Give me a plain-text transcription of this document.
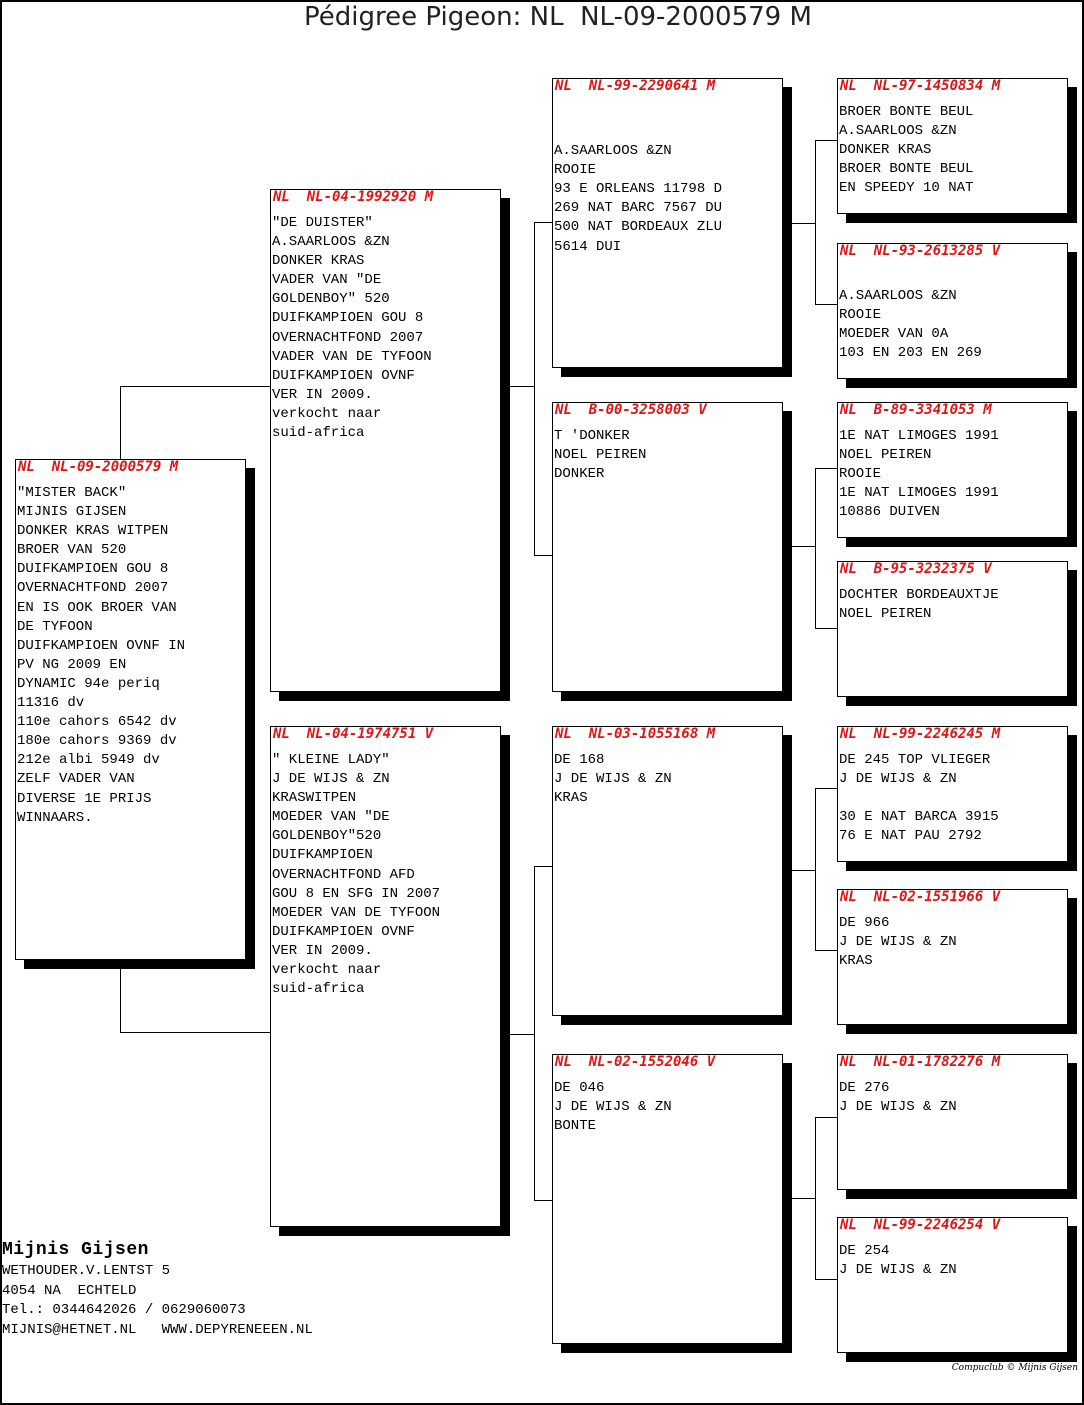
Pédigree Pigeon: NL  NL-09-2000579 M
NL  NL-09-2000579 M
"MISTER BACK"
MIJNIS GIJSEN
DONKER KRAS WITPEN
BROER VAN 520
DUIFKAMPIOEN GOU 8
OVERNACHTFOND 2007
EN IS OOK BROER VAN
DE TYFOON
DUIFKAMPIOEN OVNF IN
PV NG 2009 EN
DYNAMIC 94e periq
11316 dv
110e cahors 6542 dv
180e cahors 9369 dv
212e albi 5949 dv
ZELF VADER VAN
DIVERSE 1E PRIJS
WINNAARS.
NL  NL-04-1992920 M
"DE DUISTER"
A.SAARLOOS &ZN
DONKER KRAS
VADER VAN "DE
GOLDENBOY" 520
DUIFKAMPIOEN GOU 8
OVERNACHTFOND 2007
VADER VAN DE TYFOON
DUIFKAMPIOEN OVNF
VER IN 2009.
verkocht naar
suid-africa
NL  NL-04-1974751 V
" KLEINE LADY"
J DE WIJS & ZN
KRASWITPEN
MOEDER VAN "DE
GOLDENBOY"520
DUIFKAMPIOEN
OVERNACHTFOND AFD
GOU 8 EN SFG IN 2007
MOEDER VAN DE TYFOON
DUIFKAMPIOEN OVNF
VER IN 2009.
verkocht naar
suid-africa
NL  NL-99-2290641 M

A.SAARLOOS &ZN
ROOIE
93 E ORLEANS 11798 D
269 NAT BARC 7567 DU
500 NAT BORDEAUX ZLU
5614 DUI
NL  B-00-3258003 V
T 'DONKER
NOEL PEIREN
DONKER
NL  NL-03-1055168 M
DE 168
J DE WIJS & ZN
KRAS
NL  NL-02-1552046 V
DE 046
J DE WIJS & ZN
BONTE
NL  NL-97-1450834 M
BROER BONTE BEUL
A.SAARLOOS &ZN
DONKER KRAS
BROER BONTE BEUL
EN SPEEDY 10 NAT
NL  NL-93-2613285 V

A.SAARLOOS &ZN
ROOIE
MOEDER VAN 0A
103 EN 203 EN 269
NL  B-89-3341053 M
1E NAT LIMOGES 1991
NOEL PEIREN
ROOIE
1E NAT LIMOGES 1991
10886 DUIVEN
NL  B-95-3232375 V
DOCHTER BORDEAUXTJE
NOEL PEIREN
NL  NL-99-2246245 M
DE 245 TOP VLIEGER
J DE WIJS & ZN

30 E NAT BARCA 3915
76 E NAT PAU 2792
NL  NL-02-1551966 V
DE 966
J DE WIJS & ZN
KRAS
NL  NL-01-1782276 M
DE 276
J DE WIJS & ZN
NL  NL-99-2246254 V
DE 254
J DE WIJS & ZN
Mijnis Gijsen
WETHOUDER.V.LENTST 5
4054 NA  ECHTELD
Tel.: 0344642026 / 0629060073
MIJNIS@HETNET.NL   WWW.DEPYRENEEEN.NL
Compuclub © Mijnis Gijsen
